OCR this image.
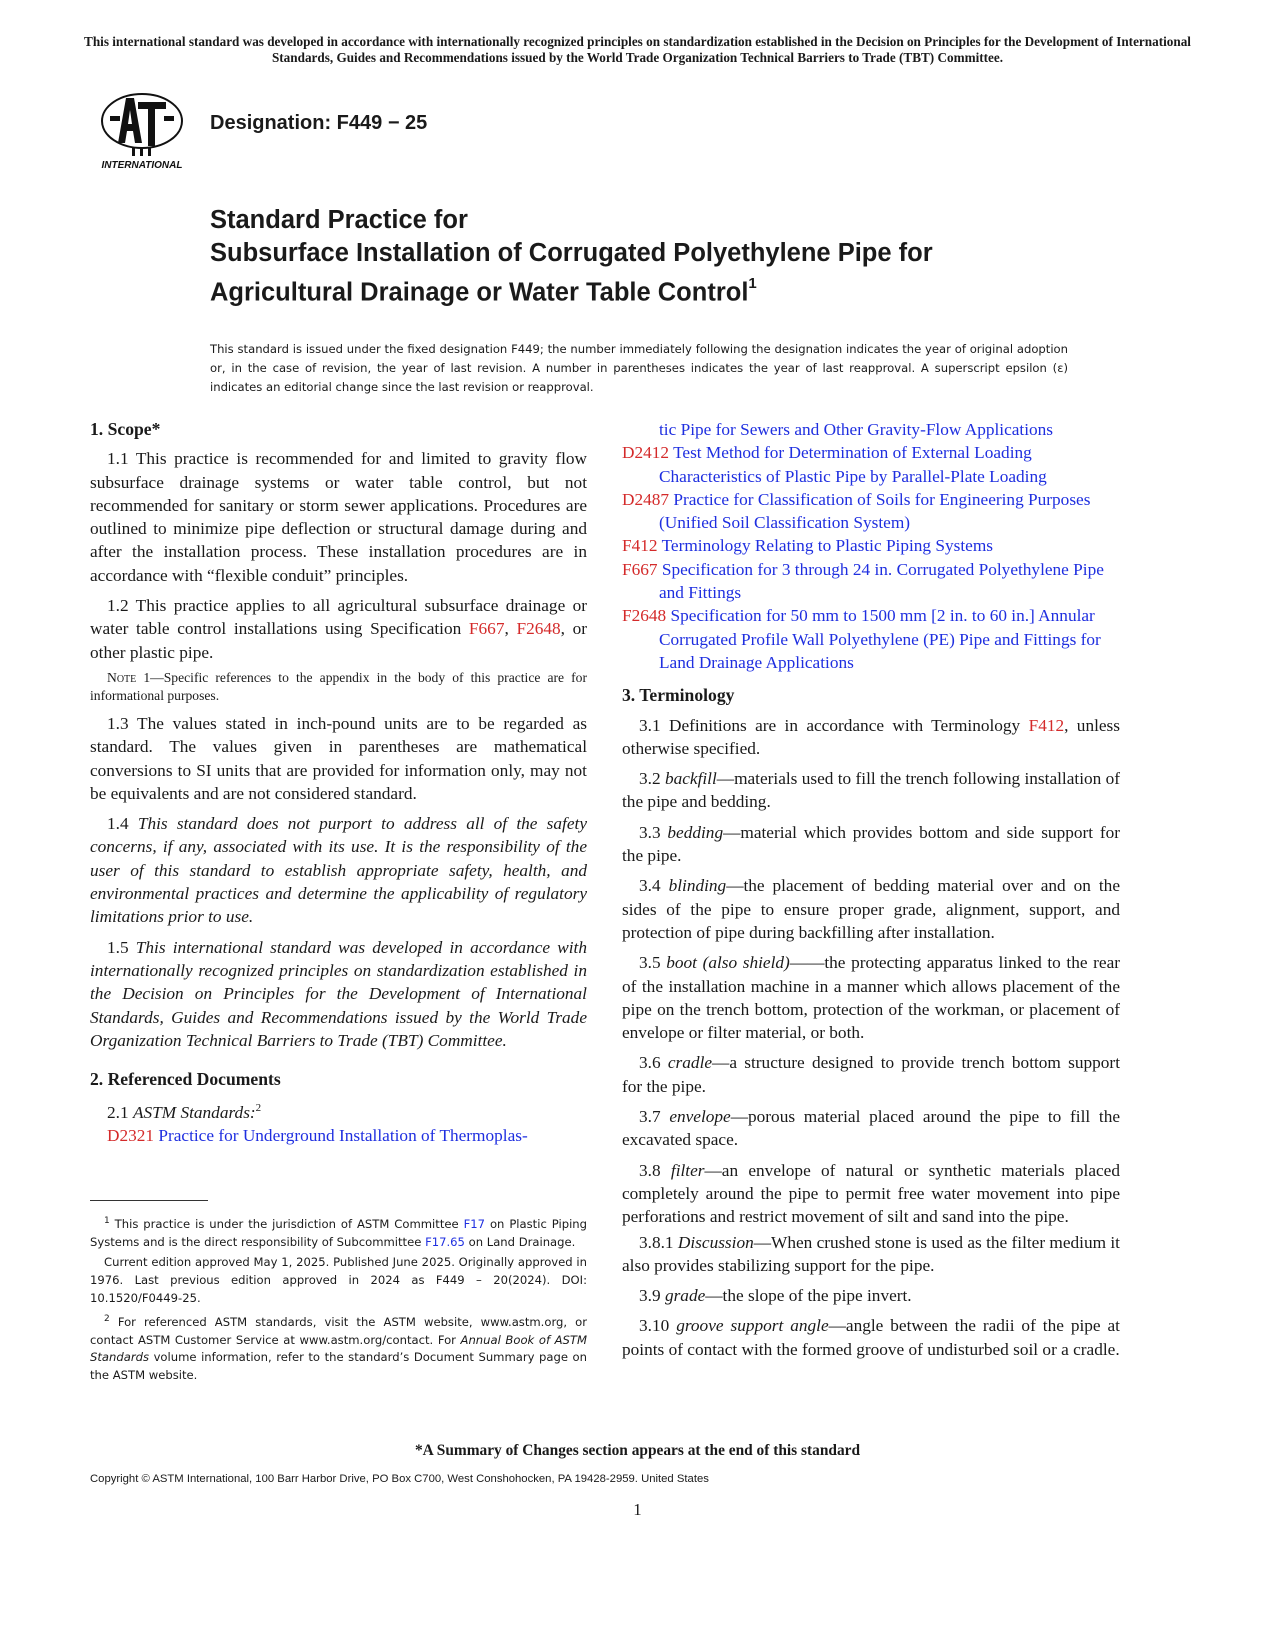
This international standard was developed in accordance with internationally recognized principles on standardization established in the Decision on Principles for the Development of International Standards, Guides and Recommendations issued by the World Trade Organization Technical Barriers to Trade (TBT) Committee.
INTERNATIONAL
Designation: F449 − 25
Standard Practice for
Subsurface Installation of Corrugated Polyethylene Pipe for
Agricultural Drainage or Water Table Control$^1$
This standard is issued under the fixed designation F449; the number immediately following the designation indicates the year of original adoption or, in the case of revision, the year of last revision. A number in parentheses indicates the year of last reapproval. A superscript epsilon (ε) indicates an editorial change since the last revision or reapproval.
1. Scope*

1.1 This practice is recommended for and limited to gravity flow subsurface drainage systems or water table control, but not recommended for sanitary or storm sewer applications. Procedures are outlined to minimize pipe deflection or structural damage during and after the installation process. These installation procedures are in accordance with “flexible conduit” principles.

1.2 This practice applies to all agricultural subsurface drainage or water table control installations using Specification F667, F2648, or other plastic pipe.

Note 1—Specific references to the appendix in the body of this practice are for informational purposes.

1.3 The values stated in inch-pound units are to be regarded as standard. The values given in parentheses are mathematical conversions to SI units that are provided for information only, may not be equivalents and are not considered standard.

1.4 This standard does not purport to address all of the safety concerns, if any, associated with its use. It is the responsibility of the user of this standard to establish appropriate safety, health, and environmental practices and determine the applicability of regulatory limitations prior to use.

1.5 This international standard was developed in accordance with internationally recognized principles on standardization established in the Decision on Principles for the Development of International Standards, Guides and Recommendations issued by the World Trade Organization Technical Barriers to Trade (TBT) Committee.

2. Referenced Documents

2.1 ASTM Standards:$^2$

D2321 Practice for Underground Installation of Thermoplas-

$^1$ This practice is under the jurisdiction of ASTM Committee F17 on Plastic Piping Systems and is the direct responsibility of Subcommittee F17.65 on Land Drainage.

Current edition approved May 1, 2025. Published June 2025. Originally approved in 1976. Last previous edition approved in 2024 as F449 – 20(2024). DOI: 10.1520/F0449-25.

$^2$ For referenced ASTM standards, visit the ASTM website, www.astm.org, or contact ASTM Customer Service at www.astm.org/contact. For Annual Book of ASTM Standards volume information, refer to the standard’s Document Summary page on the ASTM website.

tic Pipe for Sewers and Other Gravity-Flow Applications

D2412 Test Method for Determination of External Loading Characteristics of Plastic Pipe by Parallel-Plate Loading

D2487 Practice for Classification of Soils for Engineering Purposes (Unified Soil Classification System)

F412 Terminology Relating to Plastic Piping Systems

F667 Specification for 3 through 24 in. Corrugated Polyethylene Pipe and Fittings

F2648 Specification for 50 mm to 1500 mm [2 in. to 60 in.] Annular Corrugated Profile Wall Polyethylene (PE) Pipe and Fittings for Land Drainage Applications

3. Terminology

3.1 Definitions are in accordance with Terminology F412, unless otherwise specified.

3.2 backfill—materials used to fill the trench following installation of the pipe and bedding.

3.3 bedding—material which provides bottom and side support for the pipe.

3.4 blinding—the placement of bedding material over and on the sides of the pipe to ensure proper grade, alignment, support, and protection of pipe during backfilling after installation.

3.5 boot (also shield)——the protecting apparatus linked to the rear of the installation machine in a manner which allows placement of the pipe on the trench bottom, protection of the workman, or placement of envelope or filter material, or both.

3.6 cradle—a structure designed to provide trench bottom support for the pipe.

3.7 envelope—porous material placed around the pipe to fill the excavated space.

3.8 filter—an envelope of natural or synthetic materials placed completely around the pipe to permit free water movement into pipe perforations and restrict movement of silt and sand into the pipe.

3.8.1 Discussion—When crushed stone is used as the filter medium it also provides stabilizing support for the pipe.

3.9 grade—the slope of the pipe invert.

3.10 groove support angle—angle between the radii of the pipe at points of contact with the formed groove of undisturbed soil or a cradle.

*A Summary of Changes section appears at the end of this standard
Copyright © ASTM International, 100 Barr Harbor Drive, PO Box C700, West Conshohocken, PA 19428-2959. United States
1
